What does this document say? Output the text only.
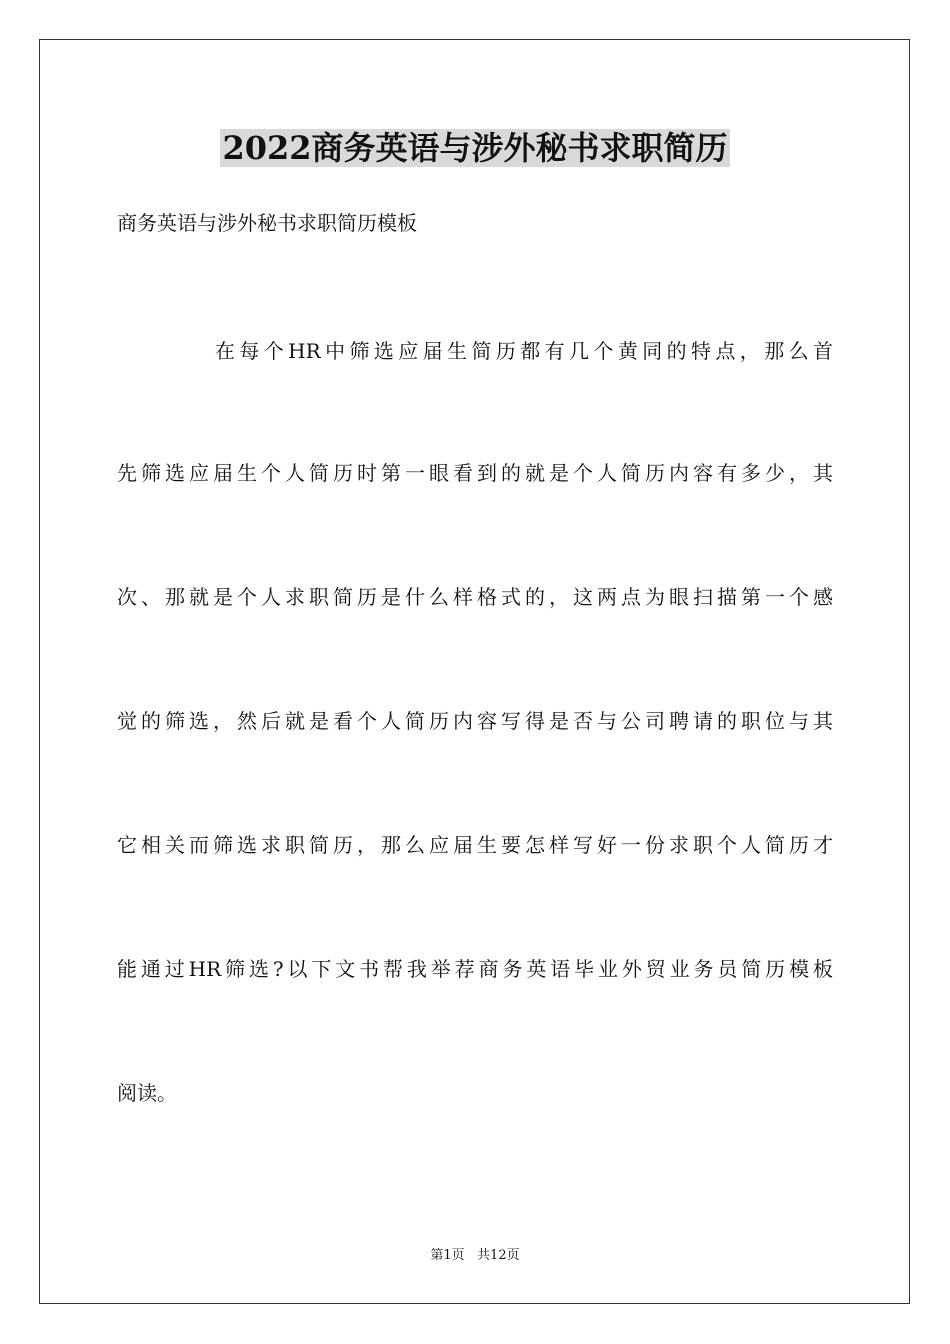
2022商务英语与涉外秘书求职简历
商务英语与涉外秘书求职简历模板
在每个HR中筛选应届生简历都有几个黄同的特点，那么首
先筛选应届生个人简历时第一眼看到的就是个人简历内容有多少，其
次、那就是个人求职简历是什么样格式的，这两点为眼扫描第一个感
觉的筛选，然后就是看个人简历内容写得是否与公司聘请的职位与其
它相关而筛选求职简历，那么应届生要怎样写好一份求职个人简历才
能通过HR筛选?以下文书帮我举荐商务英语毕业外贸业务员简历模板
阅读。
第1页   共12页
